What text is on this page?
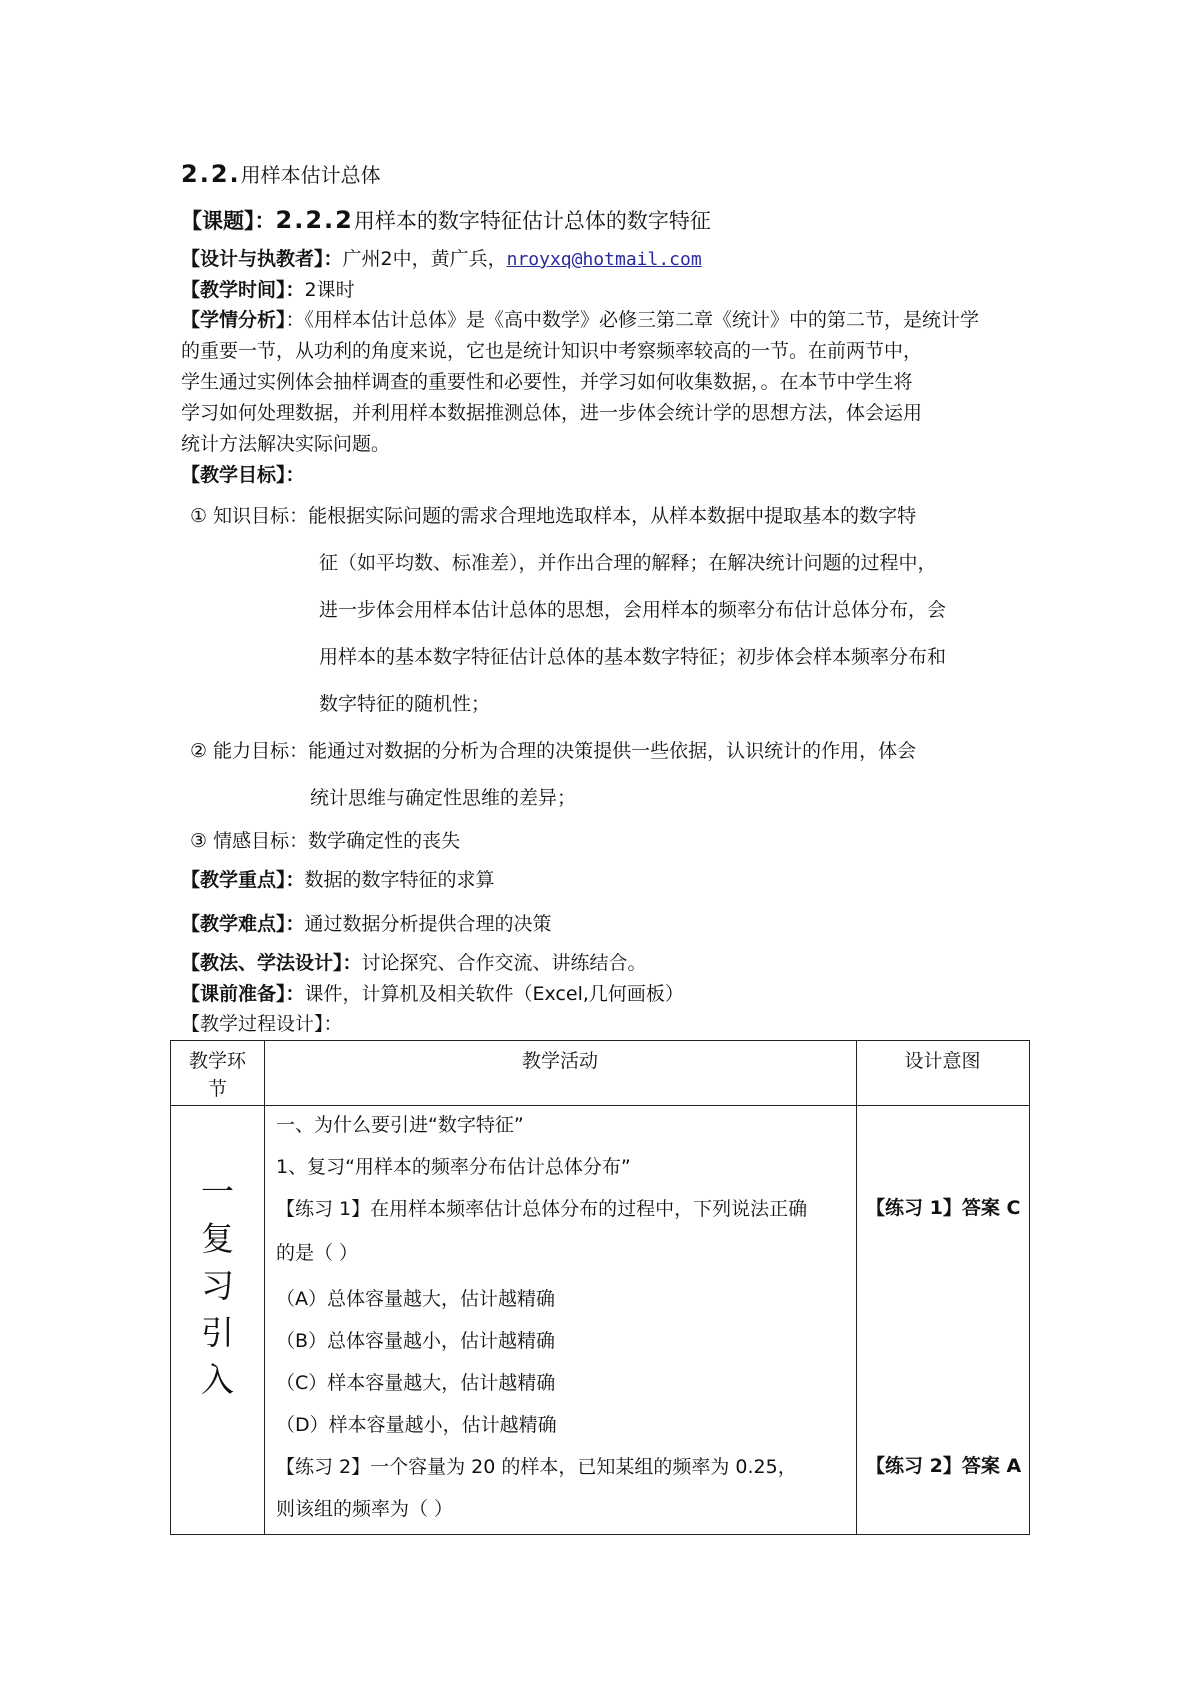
2.2.用样本估计总体
【课题】：2.2.2用样本的数字特征估计总体的数字特征
【设计与执教者】：广州2中，黄广兵，nroyxq@hotmail.com
【教学时间】：2课时
【学情分析】：《用样本估计总体》是《高中数学》必修三第二章《统计》中的第二节，是统计学
的重要一节，从功利的角度来说，它也是统计知识中考察频率较高的一节。在前两节中，
学生通过实例体会抽样调查的重要性和必要性，并学习如何收集数据，。在本节中学生将
学习如何处理数据，并利用样本数据推测总体，进一步体会统计学的思想方法，体会运用
统计方法解决实际问题。
【教学目标】：
① 知识目标：能根据实际问题的需求合理地选取样本，从样本数据中提取基本的数字特
征（如平均数、标准差），并作出合理的解释；在解决统计问题的过程中，
进一步体会用样本估计总体的思想，会用样本的频率分布估计总体分布，会
用样本的基本数字特征估计总体的基本数字特征；初步体会样本频率分布和
数字特征的随机性；
② 能力目标：能通过对数据的分析为合理的决策提供一些依据，认识统计的作用，体会
统计思维与确定性思维的差异；
③ 情感目标：数学确定性的丧失
【教学重点】：数据的数字特征的求算
【教学难点】：通过数据分析提供合理的决策
【教法、学法设计】：讨论探究、合作交流、讲练结合。
【课前准备】：课件，计算机及相关软件（Excel,几何画板）
【教学过程设计】：
教学环
节
教学活动	设计意图
一
复
习
引
入
一、为什么要引进“数字特征”
1、复习“用样本的频率分布估计总体分布”
【练习 1】在用样本频率估计总体分布的过程中，下列说法正确
的是（ ）
（A）总体容量越大，估计越精确
（B）总体容量越小，估计越精确
（C）样本容量越大，估计越精确
（D）样本容量越小，估计越精确
【练习 2】一个容量为 20 的样本，已知某组的频率为 0.25，
则该组的频率为（ ）
【练习 1】答案 C
【练习 2】答案 A
